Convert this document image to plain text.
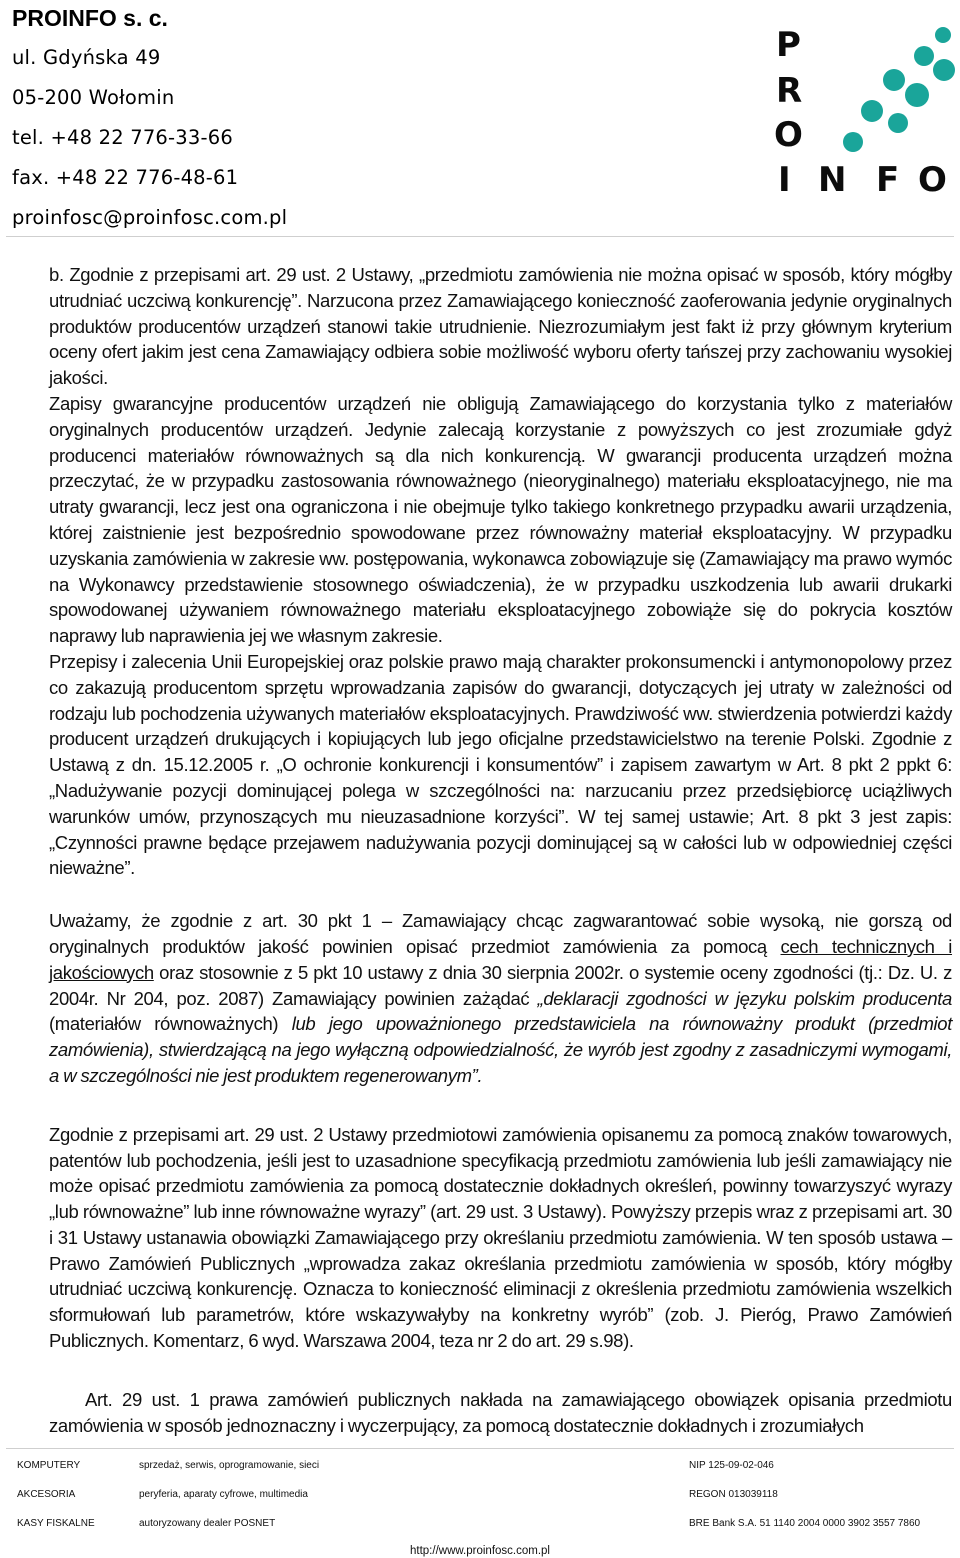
PROINFO s. c.
ul. Gdyńska 49
05-200 Wołomin
tel. +48 22 776-33-66
fax. +48 22 776-48-61
proinfosc@proinfosc.com.pl
P
R
O
I N F O

b. Zgodnie z przepisami art. 29 ust. 2 Ustawy, „przedmiotu zamówienia nie można opisać w sposób, który mógłby utrudniać uczciwą konkurencję”. Narzucona przez Zamawiającego konieczność zaoferowania jedynie oryginalnych produktów producentów urządzeń stanowi takie utrudnienie. Niezrozumiałym jest fakt iż przy głównym kryterium oceny ofert jakim jest cena Zamawiający odbiera sobie możliwość wyboru oferty tańszej przy zachowaniu wysokiej jakości.

Zapisy gwarancyjne producentów urządzeń nie obligują Zamawiającego do korzystania tylko z materiałów oryginalnych producentów urządzeń. Jedynie zalecają korzystanie z powyższych co jest zrozumiałe gdyż producenci materiałów równoważnych są dla nich konkurencją. W gwarancji producenta urządzeń można przeczytać, że w przypadku zastosowania równoważnego (nieoryginalnego) materiału eksploatacyjnego, nie ma utraty gwarancji, lecz jest ona ograniczona i nie obejmuje tylko takiego konkretnego przypadku awarii urządzenia, której zaistnienie jest bezpośrednio spowodowane przez równoważny materiał eksploatacyjny. W przypadku uzyskania zamówienia w zakresie ww. postępowania, wykonawca zobowiązuje się (Zamawiający ma prawo wymóc na Wykonawcy przedstawienie stosownego oświadczenia), że w przypadku uszkodzenia lub awarii drukarki spowodowanej używaniem równoważnego materiału eksploatacyjnego zobowiąże się do pokrycia kosztów naprawy lub naprawienia jej we własnym zakresie.

Przepisy i zalecenia Unii Europejskiej oraz polskie prawo mają charakter prokonsumencki i antymonopolowy przez co zakazują producentom sprzętu wprowadzania zapisów do gwarancji, dotyczących jej utraty w zależności od rodzaju lub pochodzenia używanych materiałów eksploatacyjnych. Prawdziwość ww. stwierdzenia potwierdzi każdy producent urządzeń drukujących i kopiujących lub jego oficjalne przedstawicielstwo na terenie Polski. Zgodnie z Ustawą z dn. 15.12.2005 r. „O ochronie konkurencji i konsumentów” i zapisem zawartym w Art. 8 pkt 2 ppkt 6: „Nadużywanie pozycji dominującej polega w szczególności na: narzucaniu przez przedsiębiorcę uciążliwych warunków umów, przynoszących mu nieuzasadnione korzyści”. W tej samej ustawie; Art. 8 pkt 3 jest zapis: „Czynności prawne będące przejawem nadużywania pozycji dominującej są w całości lub w odpowiedniej części nieważne”.

Uważamy, że zgodnie z art. 30 pkt 1 – Zamawiający chcąc zagwarantować sobie wysoką, nie gorszą od oryginalnych produktów jakość powinien opisać przedmiot zamówienia za pomocą cech technicznych i jakościowych oraz stosownie z 5 pkt 10 ustawy z dnia 30 sierpnia 2002r. o systemie oceny zgodności (tj.: Dz. U. z 2004r. Nr 204, poz. 2087) Zamawiający powinien zażądać „deklaracji zgodności w języku polskim producenta (materiałów równoważnych) lub jego upoważnionego przedstawiciela na równoważny produkt (przedmiot zamówienia), stwierdzającą na jego wyłączną odpowiedzialność, że wyrób jest zgodny z zasadniczymi wymogami, a w szczególności nie jest produktem regenerowanym”.

Zgodnie z przepisami art. 29 ust. 2 Ustawy przedmiotowi zamówienia opisanemu za pomocą znaków towarowych, patentów lub pochodzenia, jeśli jest to uzasadnione specyfikacją przedmiotu zamówienia lub jeśli zamawiający nie może opisać przedmiotu zamówienia za pomocą dostatecznie dokładnych określeń, powinny towarzyszyć wyrazy „lub równoważne” lub inne równoważne wyrazy” (art. 29 ust. 3 Ustawy). Powyższy przepis wraz z przepisami art. 30 i 31 Ustawy ustanawia obowiązki Zamawiającego przy określaniu przedmiotu zamówienia. W ten sposób ustawa – Prawo Zamówień Publicznych „wprowadza zakaz określania przedmiotu zamówienia w sposób, który mógłby utrudniać uczciwą konkurencję. Oznacza to konieczność eliminacji z określenia przedmiotu zamówienia wszelkich sformułowań lub parametrów, które wskazywałyby na konkretny wyrób” (zob. J. Pieróg, Prawo Zamówień Publicznych. Komentarz, 6 wyd. Warszawa 2004, teza nr 2 do art. 29 s.98).

Art. 29 ust. 1 prawa zamówień publicznych nakłada na zamawiającego obowiązek opisania przedmiotu zamówienia w sposób jednoznaczny i wyczerpujący, za pomocą dostatecznie dokładnych i zrozumiałych

KOMPUTERY	sprzedaż, serwis, oprogramowanie, sieci	NIP 125-09-02-046
AKCESORIA	peryferia, aparaty cyfrowe, multimedia	REGON 013039118
KASY FISKALNE	autoryzowany dealer POSNET	BRE Bank S.A. 51 1140 2004 0000 3902 3557 7860
http://www.proinfosc.com.pl
